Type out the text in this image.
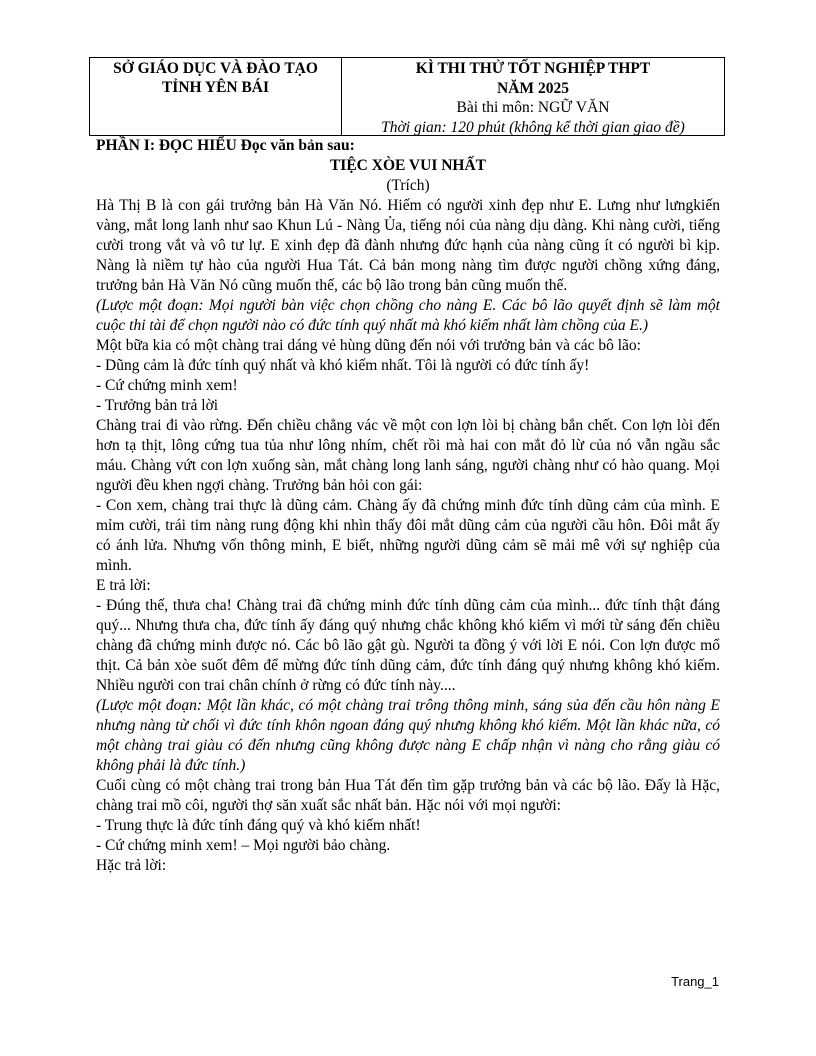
SỞ GIÁO DỤC VÀ ĐÀO TẠO
TỈNH YÊN BÁI
KÌ THI THỬ TỐT NGHIỆP THPT
NĂM 2025
Bài thi môn: NGỮ VĂN
Thời gian: 120 phút (không kể thời gian giao đề)

PHẦN I: ĐỌC HIỂU Đọc văn bản sau:

TIỆC XÒE VUI NHẤT

(Trích)

Hà Thị B là con gái trưởng bản Hà Văn Nó. Hiếm có người xinh đẹp như E. Lưng như lưngkiến vàng, mắt long lanh như sao Khun Lú - Nàng Ủa, tiếng nói của nàng dịu dàng. Khi nàng cười, tiếng cười trong vắt và vô tư lự. E xinh đẹp đã đành nhưng đức hạnh của nàng cũng ít có người bì kịp. Nàng là niềm tự hào của người Hua Tát. Cả bản mong nàng tìm được người chồng xứng đáng, trưởng bản Hà Văn Nó cũng muốn thế, các bộ lão trong bản cũng muốn thế.

(Lược một đoạn: Mọi người bàn việc chọn chồng cho nàng E. Các bô lão quyết định sẽ làm một cuộc thi tài để chọn người nào có đức tính quý nhất mà khó kiếm nhất làm chồng của E.)

Một bữa kia có một chàng trai dáng vẻ hùng dũng đến nói với trưởng bản và các bô lão:

- Dũng cảm là đức tính quý nhất và khó kiếm nhất. Tôi là người có đức tính ấy!

- Cứ chứng minh xem!

- Trưởng bản trả lời

Chàng trai đi vào rừng. Đến chiều chẳng vác về một con lợn lòi bị chàng bắn chết. Con lợn lòi đến hơn tạ thịt, lông cứng tua tủa như lông nhím, chết rồi mà hai con mắt đỏ lừ của nó vẫn ngầu sắc máu. Chàng vứt con lợn xuống sàn, mắt chàng long lanh sáng, người chàng như có hào quang. Mọi người đều khen ngợi chàng. Trưởng bản hỏi con gái:

- Con xem, chàng trai thực là dũng cảm. Chàng ấy đã chứng minh đức tính dũng cảm của mình. E mỉm cười, trái tim nàng rung động khi nhìn thấy đôi mắt dũng cảm của người cầu hôn. Đôi mắt ấy có ánh lửa. Nhưng vốn thông minh, E biết, những người dũng cảm sẽ mải mê với sự nghiệp của mình.

E trả lời:

- Đúng thế, thưa cha! Chàng trai đã chứng minh đức tính dũng cảm của mình... đức tính thật đáng quý... Nhưng thưa cha, đức tính ấy đáng quý nhưng chắc không khó kiếm vì mới từ sáng đến chiều chàng đã chứng minh được nó. Các bô lão gật gù. Người ta đồng ý với lời E nói. Con lợn được mổ thịt. Cả bản xòe suốt đêm để mừng đức tính dũng cảm, đức tính đáng quý nhưng không khó kiếm. Nhiều người con trai chân chính ở rừng có đức tính này....

(Lược một đoạn: Một lần khác, có một chàng trai trông thông minh, sáng sủa đến cầu hôn nàng E nhưng nàng từ chối vì đức tính khôn ngoan đáng quý nhưng không khó kiếm. Một lần khác nữa, có một chàng trai giàu có đến nhưng cũng không được nàng E chấp nhận vì nàng cho rằng giàu có không phải là đức tính.)

Cuối cùng có một chàng trai trong bản Hua Tát đến tìm gặp trưởng bản và các bộ lão. Đấy là Hặc, chàng trai mồ côi, người thợ săn xuất sắc nhất bản. Hặc nói với mọi người:

- Trung thực là đức tính đáng quý và khó kiếm nhất!

- Cứ chứng minh xem! – Mọi người bảo chàng.

Hặc trả lời:

Trang_1
